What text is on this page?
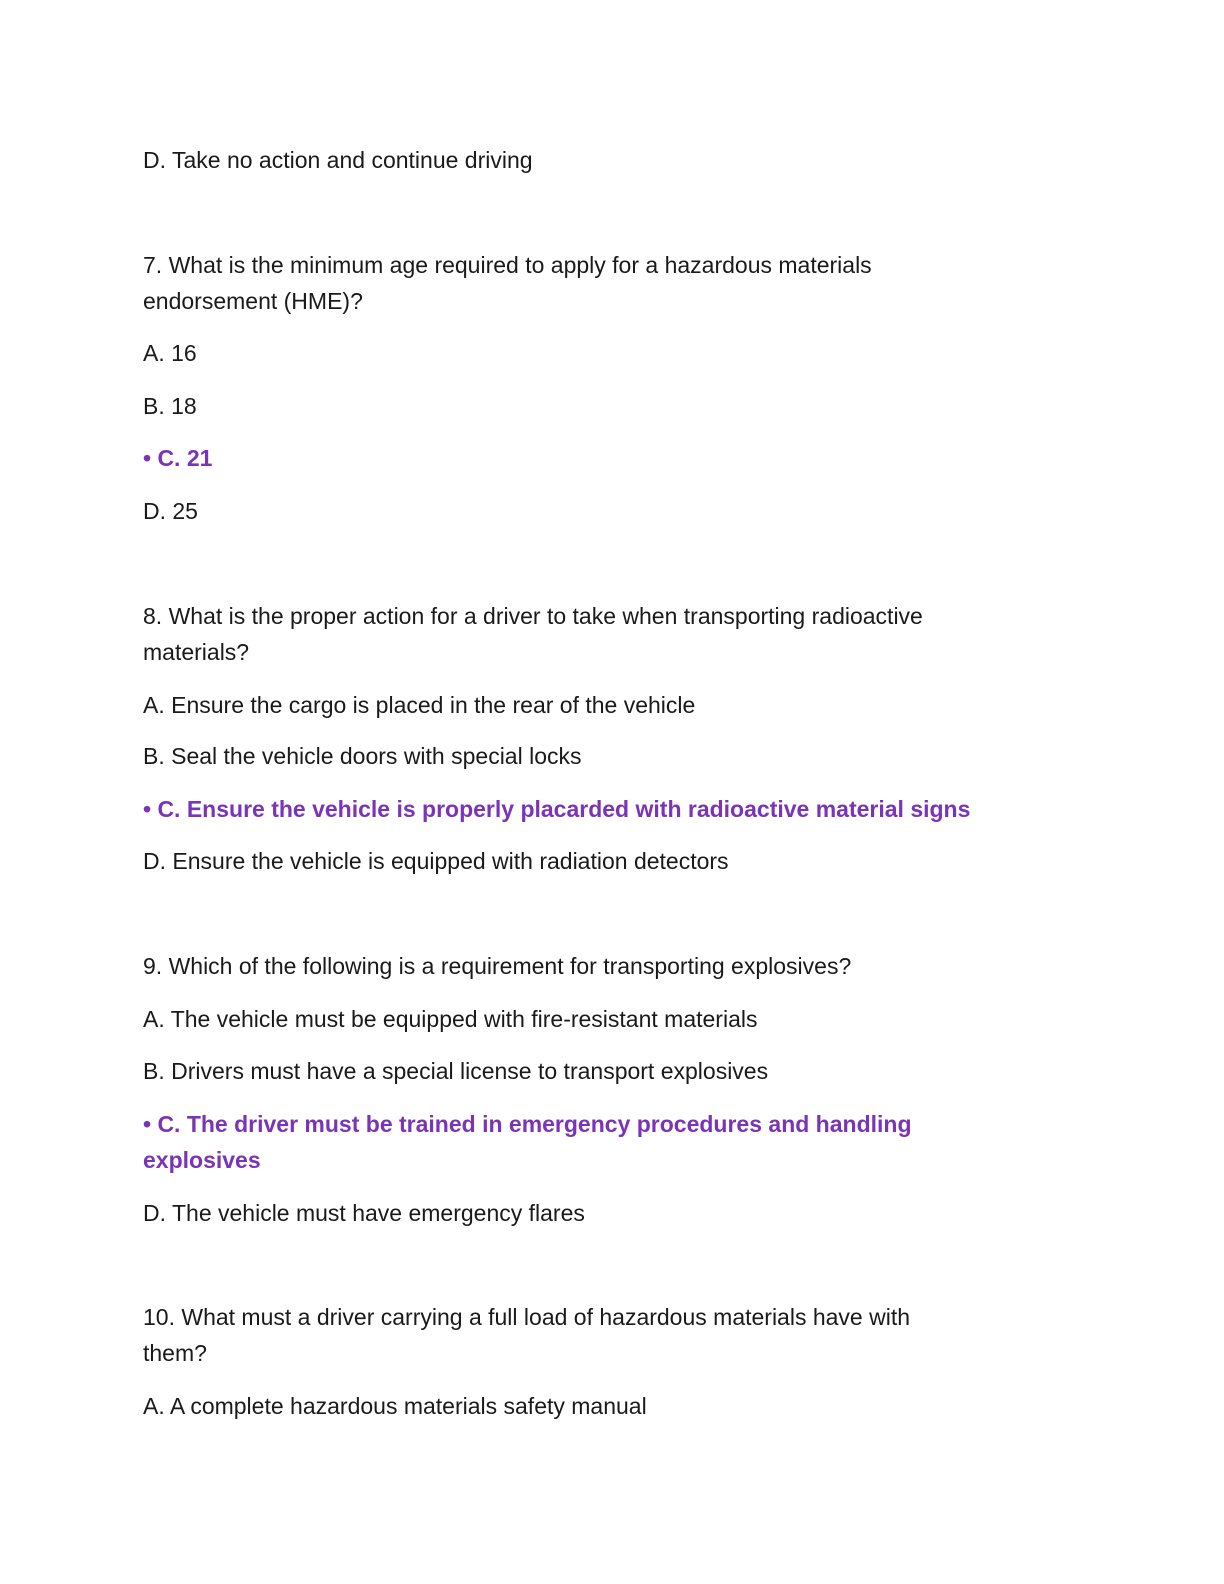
D. Take no action and continue driving
7. What is the minimum age required to apply for a hazardous materials
endorsement (HME)?
A. 16
B. 18
• C. 21
D. 25
8. What is the proper action for a driver to take when transporting radioactive
materials?
A. Ensure the cargo is placed in the rear of the vehicle
B. Seal the vehicle doors with special locks
• C. Ensure the vehicle is properly placarded with radioactive material signs
D. Ensure the vehicle is equipped with radiation detectors
9. Which of the following is a requirement for transporting explosives?
A. The vehicle must be equipped with fire-resistant materials
B. Drivers must have a special license to transport explosives
• C. The driver must be trained in emergency procedures and handling
explosives
D. The vehicle must have emergency flares
10. What must a driver carrying a full load of hazardous materials have with
them?
A. A complete hazardous materials safety manual
